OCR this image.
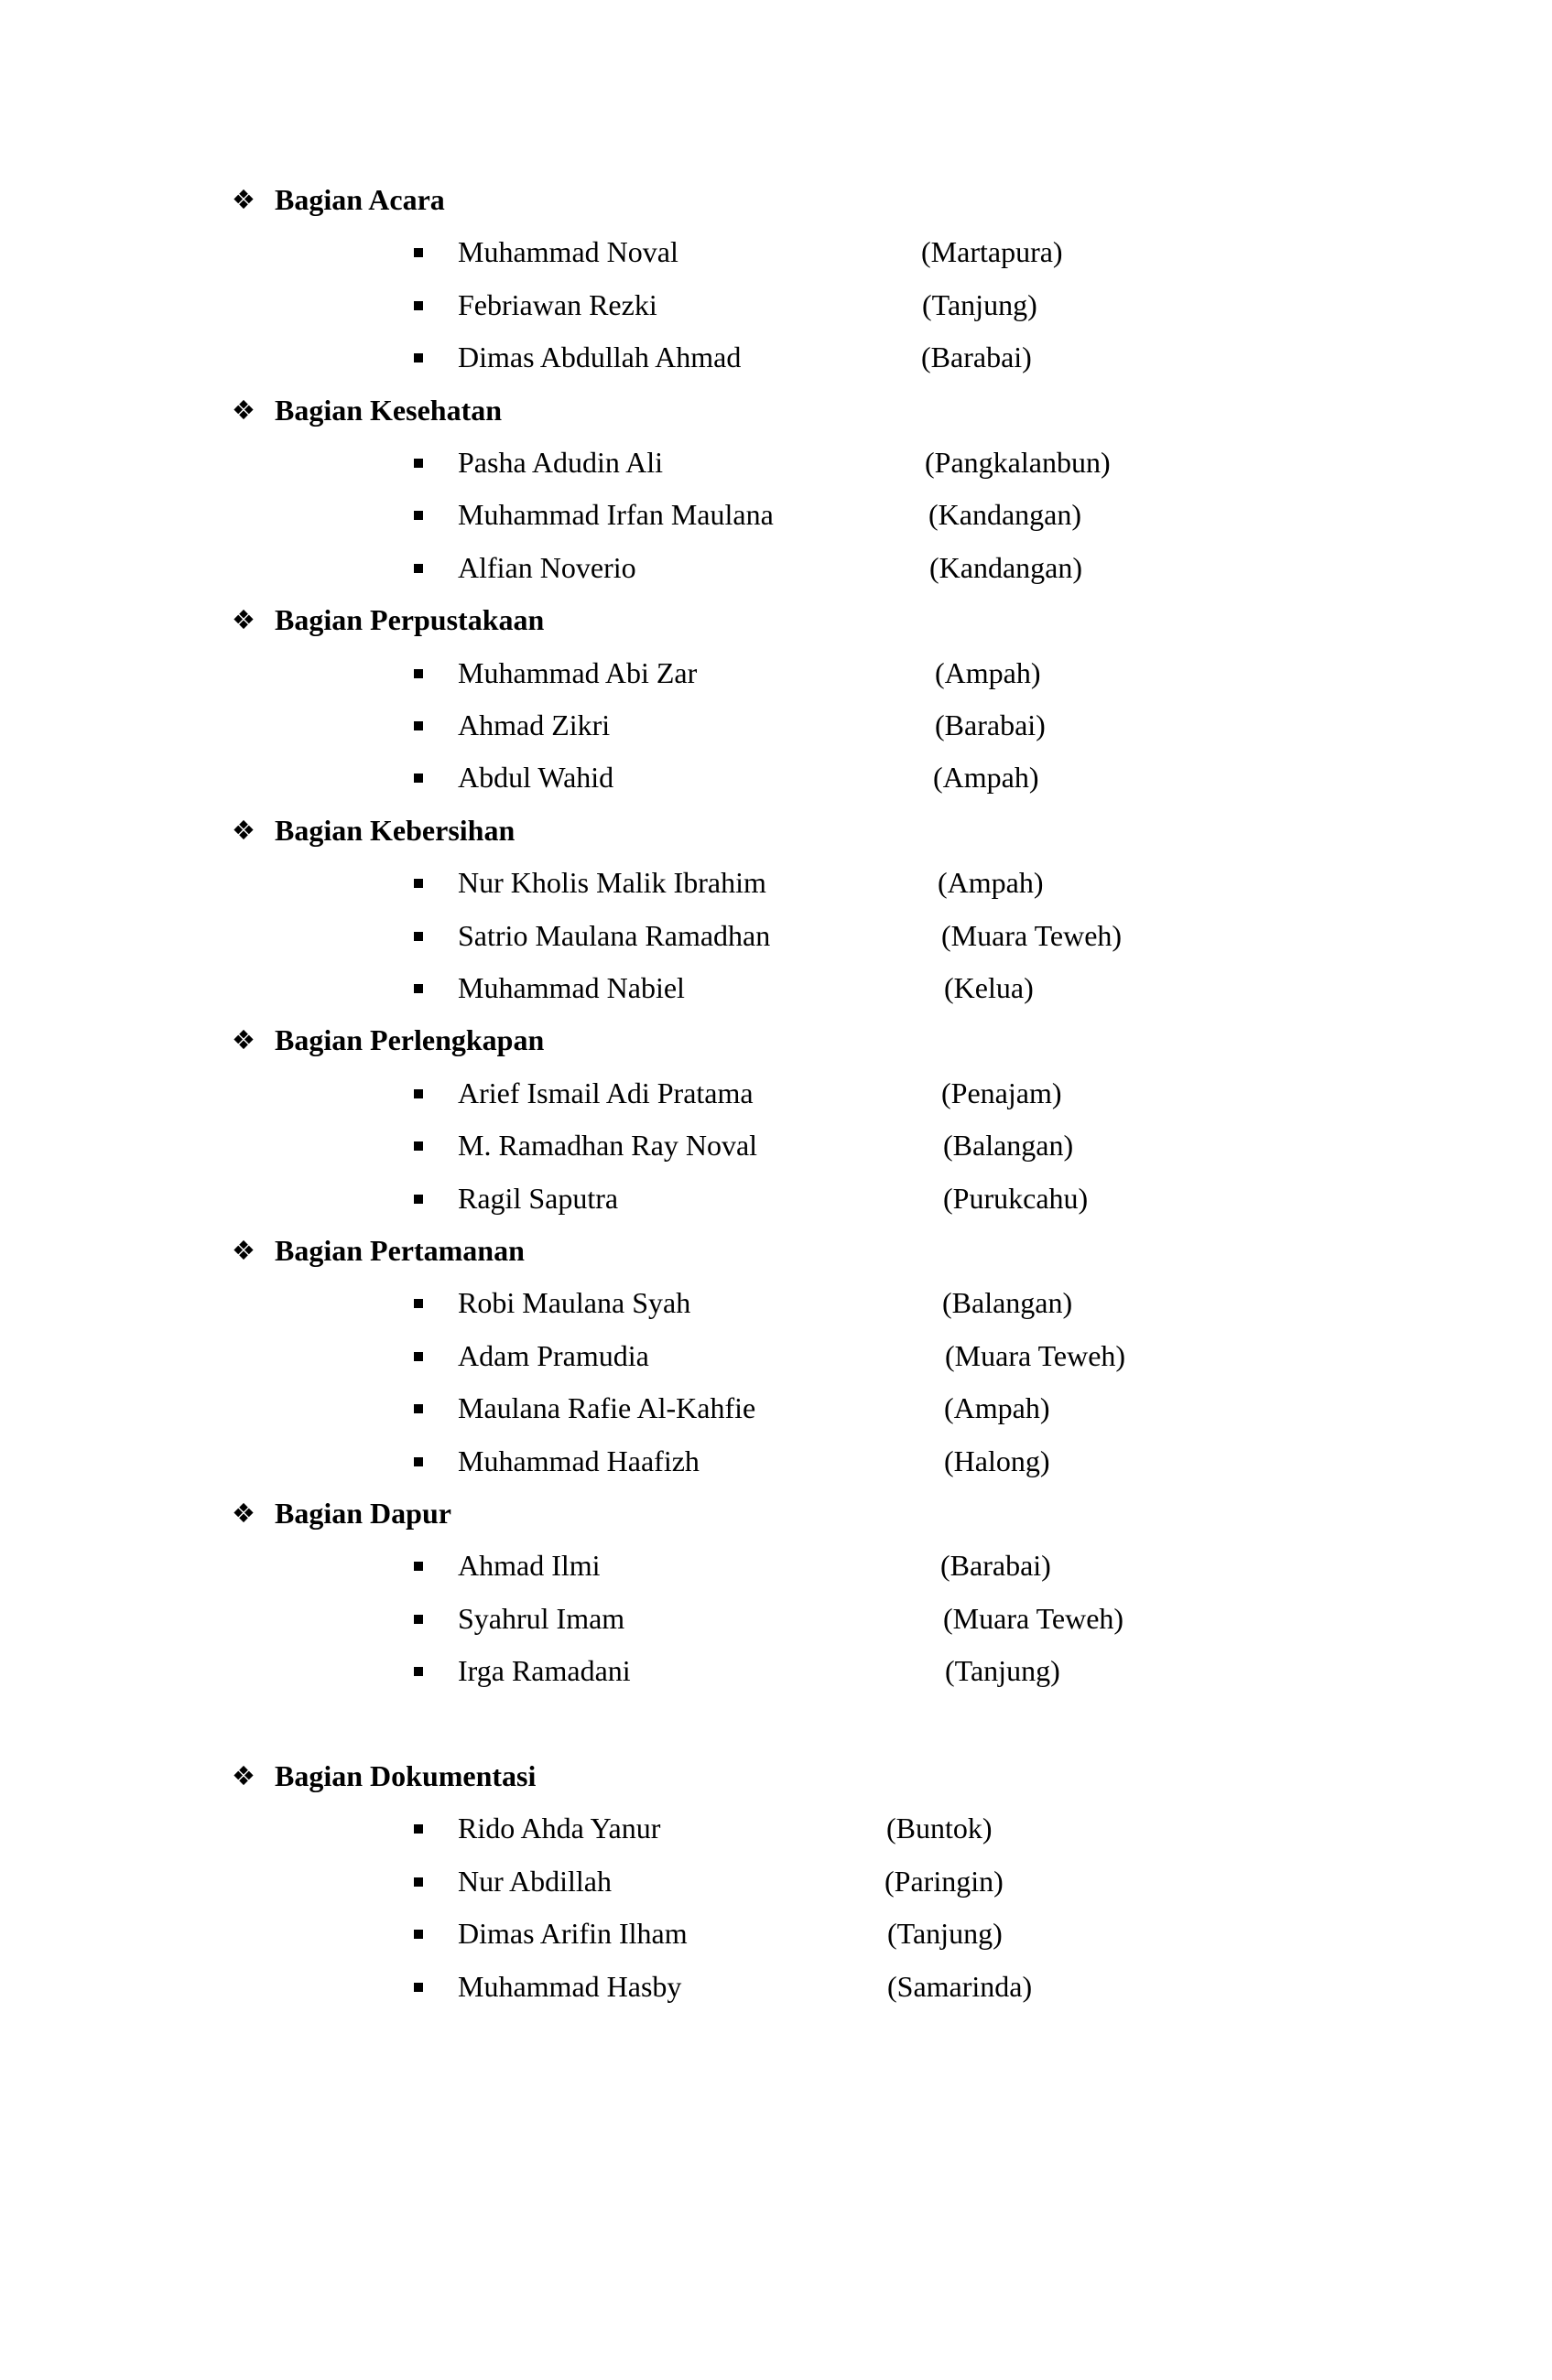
❖ Bagian Acara
Muhammad Noval	(Martapura)
Febriawan Rezki	(Tanjung)
Dimas Abdullah Ahmad	(Barabai)
❖ Bagian Kesehatan
Pasha Adudin Ali	(Pangkalanbun)
Muhammad Irfan Maulana	(Kandangan)
Alfian Noverio	(Kandangan)
❖ Bagian Perpustakaan
Muhammad Abi Zar	(Ampah)
Ahmad Zikri	(Barabai)
Abdul Wahid	(Ampah)
❖ Bagian Kebersihan
Nur Kholis Malik Ibrahim	(Ampah)
Satrio Maulana Ramadhan	(Muara Teweh)
Muhammad Nabiel	(Kelua)
❖ Bagian Perlengkapan
Arief Ismail Adi Pratama	(Penajam)
M. Ramadhan Ray Noval	(Balangan)
Ragil Saputra	(Purukcahu)
❖ Bagian Pertamanan
Robi Maulana Syah	(Balangan)
Adam Pramudia	(Muara Teweh)
Maulana Rafie Al-Kahfie	(Ampah)
Muhammad Haafizh	(Halong)
❖ Bagian Dapur
Ahmad Ilmi	(Barabai)
Syahrul Imam	(Muara Teweh)
Irga Ramadani	(Tanjung)
❖ Bagian Dokumentasi
Rido Ahda Yanur	(Buntok)
Nur Abdillah	(Paringin)
Dimas Arifin Ilham	(Tanjung)
Muhammad Hasby	(Samarinda)
